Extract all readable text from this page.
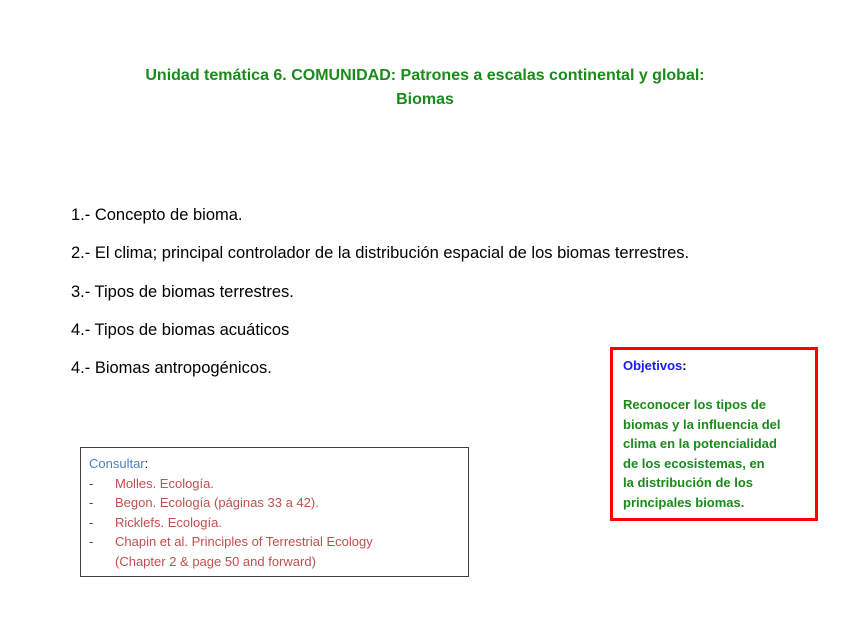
Unidad temática 6. COMUNIDAD: Patrones a escalas continental y global:
Biomas
1.- Concepto de bioma.
2.- El clima; principal controlador de la distribución espacial de los biomas terrestres.
3.- Tipos de biomas terrestres.
4.- Tipos de biomas acuáticos
4.- Biomas antropogénicos.	Objetivos:
Reconocer los tipos de
biomas y la influencia del
clima en la potencialidad
de los ecosistemas, en
la distribución de los
principales biomas.
Consultar:
- Molles. Ecología.
- Begon. Ecología (páginas 33 a 42).
- Ricklefs. Ecología.
- Chapin et al. Principles of Terrestrial Ecology
(Chapter 2 & page 50 and forward)
